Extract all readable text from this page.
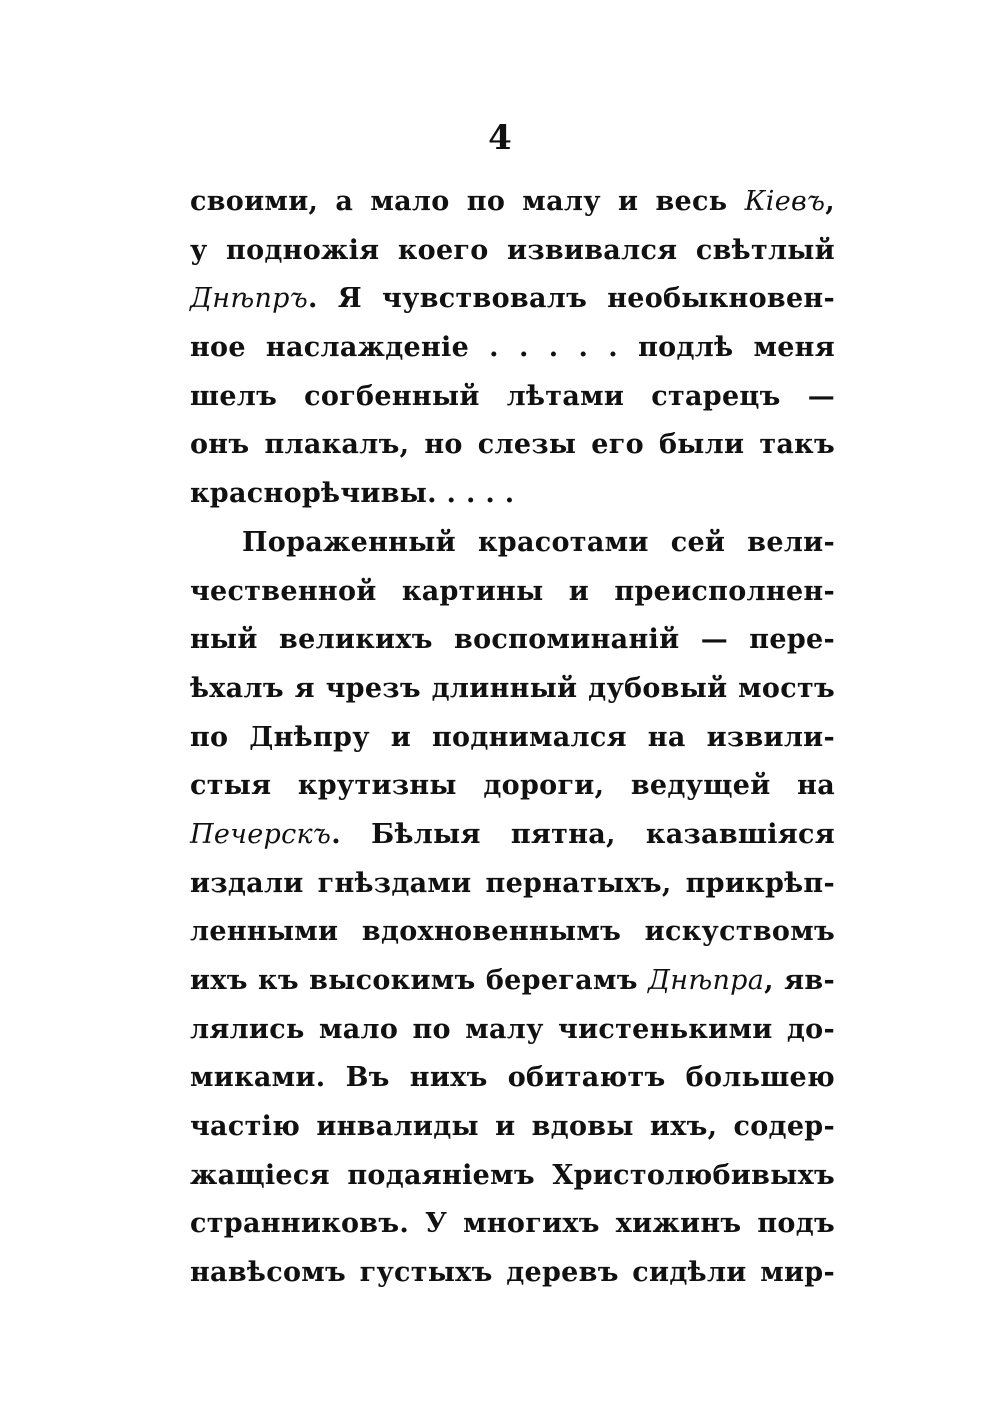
4
своими, а мало по малу и весь Кіевъ,
у подножія коего извивался свѣтлый
Днѣпръ. Я чувствовалъ необыкновен-
ное наслажденіе . . . . . подлѣ меня
шелъ согбенный лѣтами старецъ —
онъ плакалъ, но слезы его были такъ
краснорѣчивы. . . . .
Пораженный красотами сей вели-
чественной картины и преисполнен-
ный великихъ воспоминаній — пере-
ѣхалъ я чрезъ длинный дубовый мостъ
по Днѣпру и поднимался на извили-
стыя крутизны дороги, ведущей на
Печерскъ. Бѣлыя пятна, казавшіяся
издали гнѣздами пернатыхъ, прикрѣп-
ленными вдохновеннымъ искуствомъ
ихъ къ высокимъ берегамъ Днѣпра, яв-
лялись мало по малу чистенькими до-
миками. Въ нихъ обитаютъ большею
частію инвалиды и вдовы ихъ, содер-
жащіеся подаяніемъ Христолюбивыхъ
странниковъ. У многихъ хижинъ подъ
навѣсомъ густыхъ деревъ сидѣли мир-
